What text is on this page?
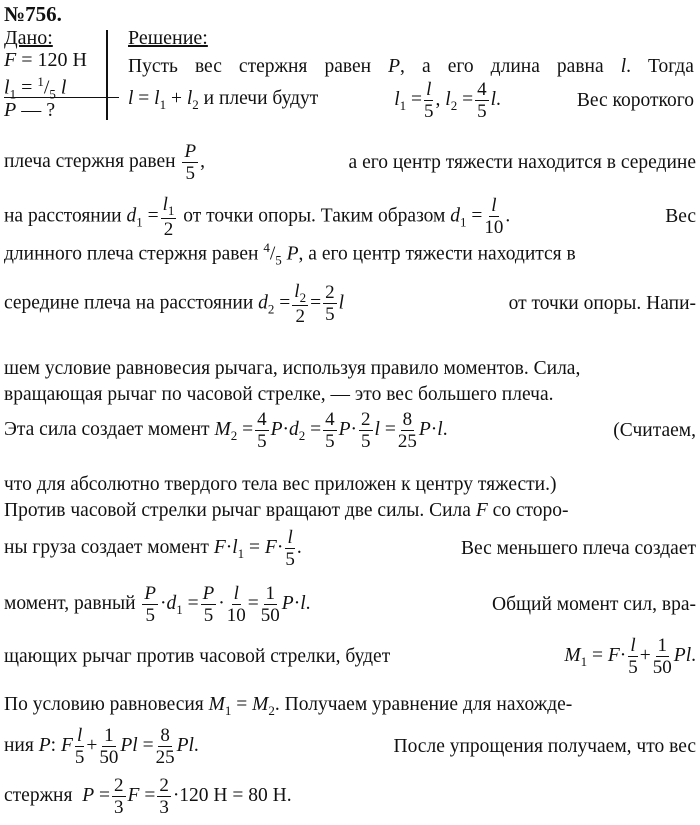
№756.
Дано:
F = 120 Н
$l_1 = ^1/_5$ l
P — ?
Решение:
Пусть вес стержня равен P, а его длина равна l. Тогда
$l = l_1 + l_2$ и плечи будут	$l_1 = \frac{l}{5}$ , $l_2 = \frac{4}{5} l$.	Вес короткого
плеча стержня равен $\frac{P}{5}$ ,	а его центр тяжести находится в середине
на расстоянии $d_1 = \frac{l_1}{2}$ от точки опоры. Таким образом $d_1 = \frac{l}{10}$ .	Вес
длинного плеча стержня равен $^4/_5$ P, а его центр тяжести находится в
середине плеча на расстоянии $d_2 = \frac{l_2}{2} = \frac{2}{5}$ l	от точки опоры. Напи-
шем условие равновесия рычага, используя правило моментов. Сила,
вращающая рычаг по часовой стрелке, — это вес большего плеча.
Эта сила создает момент $M_2 = \frac{4}{5} P\cdot d_2 = \frac{4}{5} P\cdot \frac{2}{5}$ $l = \frac{8}{25} P\cdot l$.	(Считаем,
что для абсолютно твердого тела вес приложен к центру тяжести.)
Против часовой стрелки рычаг вращают две силы. Сила F со сторо-
ны груза создает момент $F\cdot l_1 = F\cdot \frac{l}{5}$ .	Вес меньшего плеча создает
момент, равный $\frac{P}{5} \cdot d_1 = \frac{P}{5} \cdot \frac{l}{10} = \frac{1}{50} P\cdot l$.	Общий момент сил, вра-
щающих рычаг против часовой стрелки, будет	$M_1 = F\cdot \frac{l}{5} + \frac{1}{50} Pl$.
По условию равновесия $M_1 = M_2$. Получаем уравнение для нахожде-
ния P: F $\frac{l}{5} + \frac{1}{50}$ $Pl = \frac{8}{25} Pl$.	После упрощения получаем, что вес
стержня  $P = \frac{2}{3}$ $F = \frac{2}{3} \cdot 120$ Н = 80 Н.
